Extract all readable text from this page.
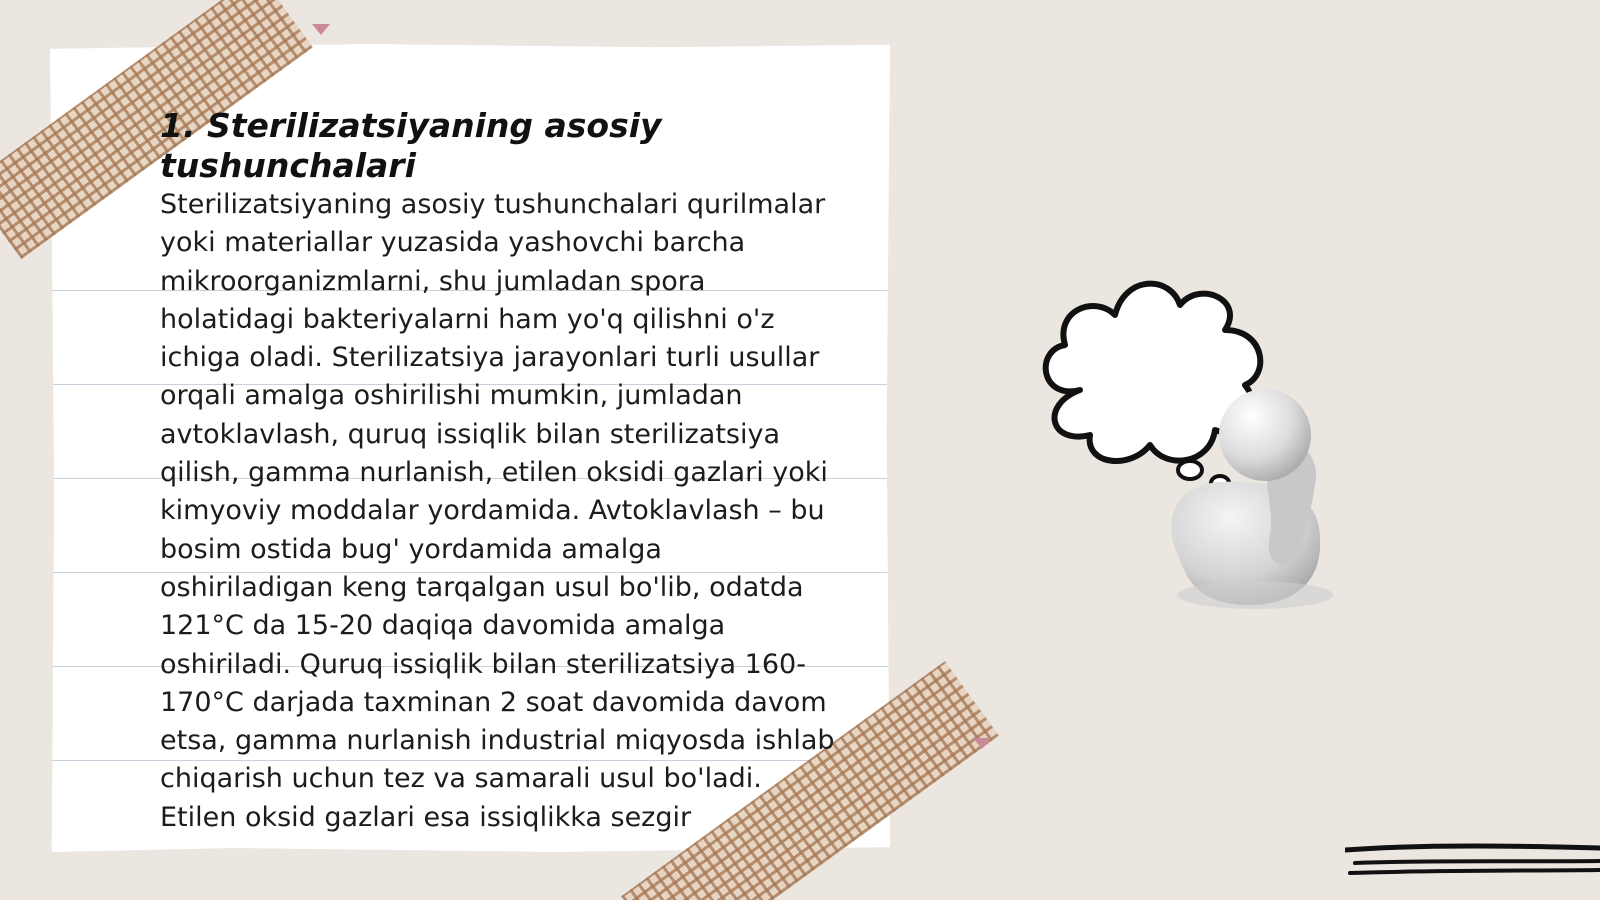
1. Sterilizatsiyaning asosiy tushunchalari

Sterilizatsiyaning asosiy tushunchalari qurilmalar yoki materiallar yuzasida yashovchi barcha mikroorganizmlarni, shu jumladan spora holatidagi bakteriyalarni ham yo'q qilishni o'z ichiga oladi. Sterilizatsiya jarayonlari turli usullar orqali amalga oshirilishi mumkin, jumladan avtoklavlash, quruq issiqlik bilan sterilizatsiya qilish, gamma nurlanish, etilen oksidi gazlari yoki kimyoviy moddalar yordamida. Avtoklavlash – bu bosim ostida bug' yordamida amalga oshiriladigan keng tarqalgan usul bo'lib, odatda 121°C da 15-20 daqiqa davomida amalga oshiriladi. Quruq issiqlik bilan sterilizatsiya 160-170°C darjada taxminan 2 soat davomida davom etsa, gamma nurlanish industrial miqyosda ishlab chiqarish uchun tez va samarali usul bo'ladi. Etilen oksid gazlari esa issiqlikka sezgir
